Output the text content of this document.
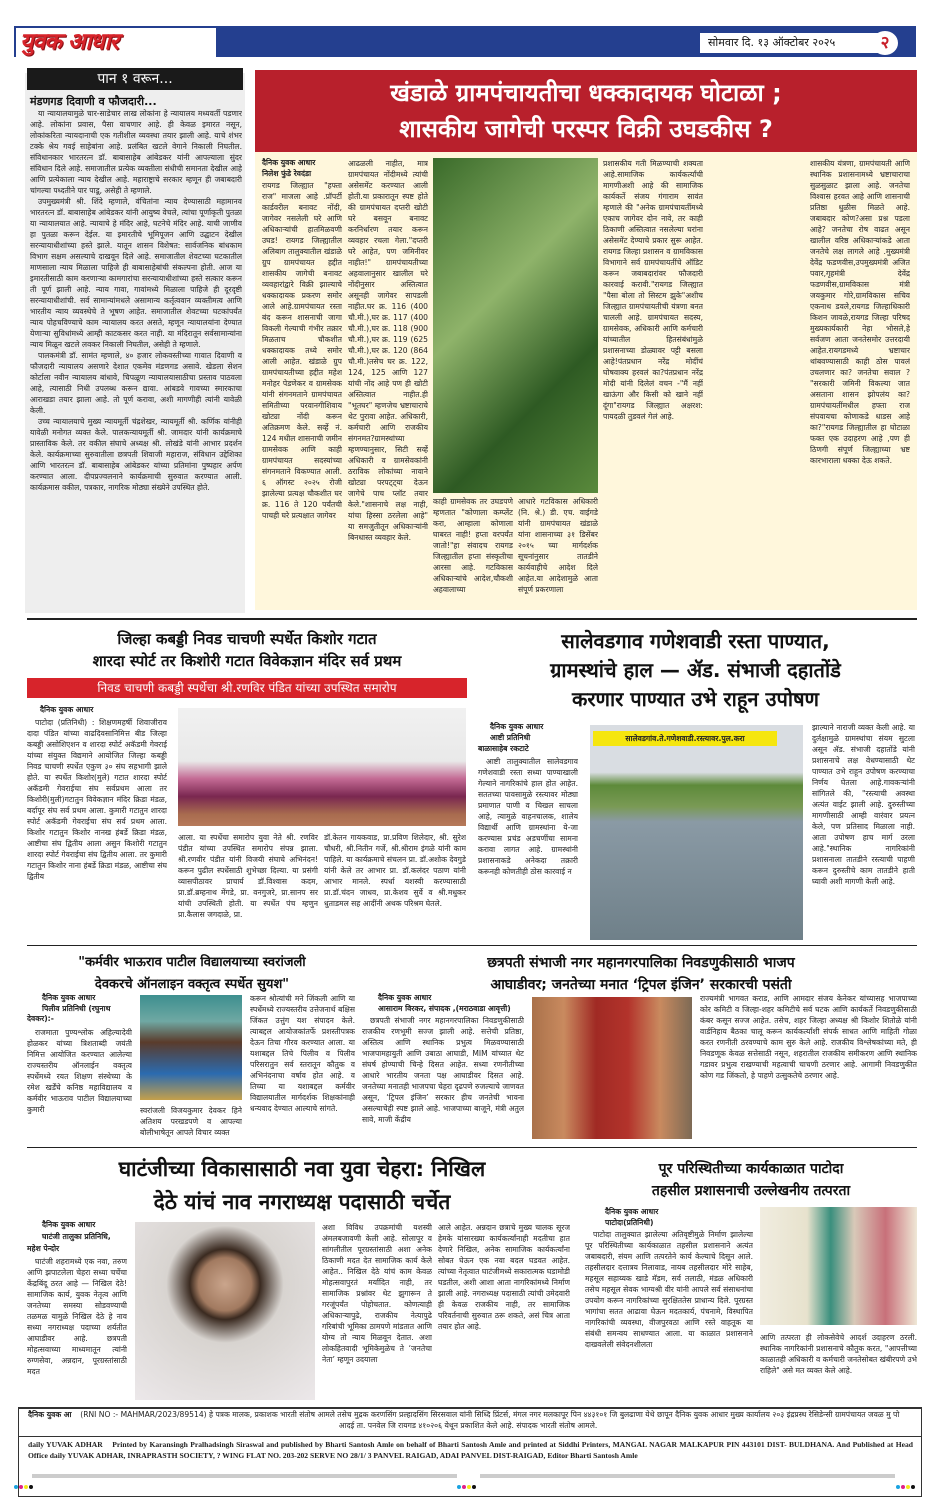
युवक आधार	सोमवार दि. १३ ऑक्टोबर २०२५	२
पान १ वरून...
मंडणगड दिवाणी व फौजदारी...

या न्यायालयामुळे चार-साडेचार लाख लोकांना हे न्यायालय मध्यवर्ती पडणार आहे. लोकांना प्रवास, पैसा वाचणार आहे. ही केवळ इमारत नसून, लोकांकरिता न्यायदानाची एक गतीशील व्यवस्था तयार झाली आहे. याचे शंभर टक्के श्रेय गवई साहेबांना आहे. प्रलंबित खटले वेगाने निकाली निघतील. संविधानकार भारतरत्न डॉ. बाबासाहेब आंबेडकर यांनी आपल्याला सुंदर संविधान दिले आहे. समाजातील प्रत्येक व्यक्तीला संधीची समानता देखील आहे आणि प्रत्येकाला न्याय देखील आहे. महाराष्ट्राचे सरकार म्हणून ही जबाबदारी चांगल्या पध्दतीने पार पाडू, असेही ते म्हणाले.

उपमुख्यमंत्री श्री. शिंदे म्हणाले, वंचितांना न्याय देण्यासाठी महामानव भारतरत्न डॉ. बाबासाहेब आंबेडकर यांनी आयुष्य वेचले, त्यांचा पूर्णाकृती पुतळा या न्यायालयात आहे. न्यायाचे हे मंदिर आहे, घटनेचे मंदिर आहे. याची जाणीव हा पुतळा करून देईल. या इमारतीचे भूमिपूजन आणि उद्घाटन देखील सरन्यायाधीशांच्या हस्ते झाले. यातून शासन विशेषत: सार्वजनिक बांधकाम विभाग सक्षम असल्याचे दाखवून दिले आहे. समाजातील शेवटच्या घटकातील माणसाला न्याय मिळाला पाहिजे ही बाबासाहेबांची संकल्पना होती. आज या इमारतीसाठी काम करणाऱ्या कामगारांचा सरन्यायाधीशांच्या हस्ते सत्कार करून ती पूर्ण झाली आहे. न्याय गावा, गावांमध्ये मिळाला पाहिजे ही दूरदृष्टी सरन्यायाधीशांची. सर्व सामान्यांमधले असामान्य कर्तृत्ववान व्यक्तीमत्व आणि भारतीय न्याय व्यवस्थेचे ते भूषण आहेत. समाजातील शेवटच्या घटकांपर्यंत न्याय पोहचविण्याचे काम न्यायालय करत असते, म्हणून न्यायालयांना देण्यात येणाऱ्या सुविधांमध्ये आम्ही काटकसर करत नाही. या मंदिरातून सर्वसामान्यांना न्याय मिळून खटले लवकर निकाली निघतील, असेही ते म्हणाले.

पालकमंत्री डॉ. सामंत म्हणाले, ४० हजार लोकवस्तीच्या गावात दिवाणी व फौजदारी न्यायालय असणारे देशात एकमेव मंडणगड असावे. खेडला सेशन कोर्टाला नवीन न्यायालय बांधावे, चिपळूण न्यायालयासाठीचा प्रस्ताव पाठवला आहे, त्यासाठी निधी उपलब्ध करून द्यावा. आंबडवे गावच्या स्मारकाचा आराखडा तयार झाला आहे. तो पूर्ण करावा, अशी मागणीही त्यांनी यावेळी केली.

उच्च न्यायालयाचे मुख्य न्यायमूर्ती चंद्रशेखर, न्यायमूर्ती श्री. कर्णिक यांनीही यावेळी मनोगत व्यक्त केले. पालकन्यायमूर्ती श्री. जामदार यांनी कार्यक्रमाचे प्रास्ताविक केले. तर वकील संघाचे अध्यक्ष श्री. लोखंडे यांनी आभार प्रदर्शन केले. कार्यक्रमाच्या सुरुवातीला छत्रपती शिवाजी महाराज, संविधान उद्देशिका आणि भारतरत्न डॉ. बाबासाहेब आंबेडकर यांच्या प्रतिमांना पुष्पहार अर्पण करण्यात आला. दीपप्रज्वलनाने कार्यक्रमाची सुरुवात करण्यात आली. कार्यक्रमास वकील, पत्रकार, नागरिक मोठ्या संख्येने उपस्थित होते.

खंडाळे ग्रामपंचायतीचा धक्कादायक घोटाळा ;
शासकीय जागेची परस्पर विक्री उघडकीस ?
दैनिक युवक आधार
निलेश फुंडे रेवदंडा
रायगड जिल्ह्यात "हफ्ता राज" माजला आहे .प्रॉपर्टी कार्डवरील बनावट नोंदी, जागेवर नसलेली घरे आणि अधिकाऱ्यांची हातमिळवणी उघड! रायगड जिल्ह्यातील अलिबाग तालुक्यातील खंडाळे ग्रुप ग्रामपंचायत हद्दीत शासकीय जागेची बनावट व्यवहारांद्वारे विक्री झाल्याचे धक्कादायक प्रकरण समोर आले आहे.ग्रामपंचायत रस्ता बंद करून शासनाची जागा विकली गेल्याची गंभीर तक्रार मिळताच चौकशीत धक्कादायक तथ्ये समोर आली आहेत. खंडाळे ग्रुप ग्रामपंचायतीच्या हद्दीत महेश मनोहर पेडणेकर व ग्रामसेवक यांनी संगनमताने ग्रामपंचायत समितीच्या परवानगीशिवाय खोट्या नोंदी करून अतिक्रमण केले. सर्व्हे नं. 124 मधील शासनाची जमीन ग्रामसेवक आणि काही ग्रामपंचायत सदस्यांच्या संगनमताने विकण्यात आली. ६ ऑगस्ट २०२५ रोजी झालेल्या प्रत्यक्ष चौकशीत घर क्र. 116 ते 120 पर्यंतची पाचही घरे प्रत्यक्षात जागेवर
आढळली नाहीत, मात्र ग्रामपंचायत नोंदीमध्ये त्यांची असेसमेंट करण्यात आली होती.या प्रकारातून स्पष्ट होते की ग्रामपंचायत दप्तरी खोटी घरे बसवून बनावट करनिर्धारण तयार करून व्यवहार रचला गेला."दप्तरी घरे आहेत, पण जमिनीवर नाहीत!" ग्रामपंचायतीच्या अहवालानुसार खालील घरे नोंदीनुसार अस्तित्वात असूनही जागेवर सापडली नाहीत.घर क्र. 116 (400 चौ.मी.),घर क्र. 117 (400 चौ.मी.),घर क्र. 118 (900 चौ.मी.),घर क्र. 119 (625 चौ.मी.),घर क्र. 120 (864 चौ.मी.)तसेच घर क्र. 122, 124, 125 आणि 127 यांची नोंद आहे पण ही खोटी अस्तित्वात नाहीत.ही "भूतघर" म्हणजेच भ्रष्टाचाराचे थेट पुरावा आहेत. अधिकारी, कर्मचारी आणि राजकीय संगनमत?ग्रामस्थांच्या म्हणण्यानुसार, सिटी सर्व्हे अधिकारी व ग्रामसेवकांनी ठराविक लोकांच्या नावाने खोट्या परपट्ट्या देऊन जागेचे पाच प्लॉट तयार केले."शासनाचे लक्ष नाही, यांचा हिस्सा ठरलेला आहे" या समजुतीतून अधिकाऱ्यांनी बिनधास्त व्यवहार केले.
काही ग्रामसेवक तर उघडपणे म्हणतात "कोणाला कम्प्लेंट करा, आम्हाला कोणाला घाबरत नाही! हप्ता वरपर्यंत जातो!"हा संवादच रायगड जिल्ह्यातील हप्ता संस्कृतीचा आरसा आहे. गटविकास अधिकाऱ्यांचे आदेश,चौकशी अहवालाच्या
आधारे गटविकास अधिकारी (नि. श्रे.) डी. एच. वाईगडे यांनी ग्रामपंचायत खंडाळे यांना शासनाच्या ३१ डिसेंबर २०१५ च्या मार्गदर्शक सूचनांनुसार तातडीने कार्यवाहीचे आदेश दिले आहेत.या आदेशामुळे आता संपूर्ण प्रकरणाला
प्रशासकीय गती मिळण्याची शक्यता आहे.सामाजिक कार्यकर्त्यांची मागणीअशी आहे की सामाजिक कार्यकर्ते संजय गंगाराम सावंत म्हणाले की "अनेक ग्रामपंचायतींमध्ये एकाच जागेवर दोन नावे, तर काही ठिकाणी अस्तित्वात नसलेल्या घरांना असेसमेंट देण्याचे प्रकार सुरू आहेत. रायगड जिल्हा प्रशासन व ग्रामविकास विभागाने सर्व ग्रामपंचायतींचे ऑडिट करून जबाबदारांवर फौजदारी कारवाई करावी."रायगड जिल्ह्यात "पैसा बोला तो सिस्टम झुके"अशीच जिल्ह्यात ग्रामपंचायतीची यंत्रणा बनत चालली आहे. ग्रामपंचायत सदस्य, ग्रामसेवक, अधिकारी आणि कर्मचारी यांच्यातील हितसंबंधांमुळे प्रशासनाच्या डोळ्यावर पट्टी बसला आहे!पंतप्रधान नरेंद्र मोदींचं घोषवाक्य हरवलं का?पंतप्रधान नरेंद्र मोदी यांनी दिलेलं वचन -"मैं नहीं खाऊंगा और किसी को खाने नहीं दूंगा"रायगड जिल्ह्यात अक्षरश: पायदळी तुडवलं गेलं आहे.
शासकीय यंत्रणा, ग्रामपंचायती आणि स्थानिक प्रशासनामध्ये भ्रष्टाचाराचा सुळसुळाट झाला आहे. जनतेचा विश्वास हरवत आहे आणि शासनाची प्रतिष्ठा धुळीस मिळते आहे. जबाबदार कोण?असा प्रश्न पडला आहे? जनतेचा रोष वाढत असून खालील वरिष्ठ अधिकाऱ्यांकडे आता जनतेचे लक्ष लागले आहे .मुख्यमंत्री देवेंद्र फडणवीस,उपमुख्यमंत्री अजित पवार,गृहमंत्री देवेंद्र फडणवीस,ग्रामविकास मंत्री जयकुमार गोरे,ग्रामविकास सचिव एकनाथ डवले,रायगड जिल्हाधिकारी किशन जावळे,रायगड जिल्हा परिषद मुख्यकार्यकारी नेहा भोसले,हे सर्वजण आता जनतेसमोर उत्तरदायी आहेत.रायगडमध्ये भ्रष्टाचार थांबवण्यासाठी काही ठोस पावलं उचलणार का? जनतेचा सवाल ? "सरकारी जमिनी विकल्या जात असताना शासन झोपलंय का?ग्रामपंचायतींमधील हफ्ता राज संपवायचा कोणाकडे धाडस आहे का?"रायगड जिल्ह्यातील हा घोटाळा फक्त एक उदाहरण आहे ,पण ही ठिणगी संपूर्ण जिल्ह्याच्या भ्रष्ट कारभाराला धक्का देऊ शकते.
जिल्हा कबड्डी निवड चाचणी स्पर्धेत किशोर गटात
शारदा स्पोर्ट तर किशोरी गटात विवेकज्ञान मंदिर सर्व प्रथम
निवड चाचणी कबड्डी स्पर्धेचा श्री.रणविर पंडित यांच्या उपस्थित समारोप
दैनिक युवक आधार
पाटोदा (प्रतिनिधी) : शिक्षणमहर्षी शिवाजीराव दादा पंडित यांच्या वाढदिवसानिमित्त बीड जिल्हा कबड्डी असोशिएशन व शारदा स्पोर्ट अकॅडमी गेवराई यांच्या संयुक्त विद्यमाने आयोजित जिल्हा कबड्डी निवड चाचणी स्पर्धेत एकुण ३० संघ सहभागी झाले होते. या स्पर्धेत किशोर(मुले) गटात शारदा स्पोर्ट अकॅडमी गेवराईचा संघ सर्वप्रथम आला तर किशोरी(मुली)गटातुन विवेकज्ञान मंदिर क्रिडा मंडळ, बर्दापूर संघ सर्व प्रथम आला. कुमारी गटातुन शारदा स्पोर्ट अकॅडमी गेवराईचा संघ सर्व प्रथम आला. किशोर गटातुन किशोर नानख हंबर्डे क्रिडा मंडळ, आष्टीचा संघ द्वितीय आला असुन किशोरी गटातुन शारदा स्पोर्ट गेवराईचा संघ द्वितीय आला. तर कुमारी गटातुन किशोर नाना हंबर्डे क्रिडा मंडळ, आष्टीचा संघ द्वितीय
आला. या स्पर्धेचा समारोप युवा नेते श्री. रणविर पंडीत यांच्या उपस्थित समारोप संपन्न झाला. श्री.रणवीर पंडीत यांनी विजयी संघाचे अभिनंदन! करून पुढील स्पर्धेसाठी शुभेच्छा दिल्या. या प्रसंगी व्यासपीठावर प्राचार्य डॉ.विश्वास कदम, प्रा.डॉ.ब्रम्हनाथ मेंगडे, प्रा. वनगुजरे, प्रा.सानप सर यांची उपस्थिती होती. या स्पर्धेत पंच म्हणुन प्रा.कैलास जगदाळे, प्रा.
डॉ.केतन गायकवाड, प्रा.प्रविण शिलेदार, श्री. सुरेश चौधरी, श्री.नितीन गर्जे, श्री.श्रीराम इंगळे यांनी काम पाहिले. या कार्यक्रमाचे संचलन प्रा. डॉ.अशोक देवगुडे यांनी केले तर आभार प्रा. डॉ.कलंदर पठाण यांनी आभार मानले. स्पर्धा यशस्वी करण्यासाठी प्रा.डॉ.चंदन जाधव, प्रा.केशव सुर्वे व श्री.मधुकर धुताडमल सह आदींनी अथक परिश्रम घेतले.
सालेवडगाव गणेशवाडी रस्ता पाण्यात,
ग्रामस्थांचे हाल — ॲड. संभाजी दहातोंडे
करणार पाण्यात उभे राहून उपोषण
दैनिक युवक आधार
आष्टी प्रतिनिधी
बाळासाहेब रकटाटे
आष्टी तालुक्यातील सालेवडगाव गणेशवाडी रस्ता सध्या पाण्याखाली गेल्याने नागरिकांचे हाल होत आहेत. सततच्या पावसामुळे रस्त्यावर मोठ्या प्रमाणात पाणी व चिखल साचला आहे, त्यामुळे वाहनचालक, शालेय विद्यार्थी आणि ग्रामस्थांना ये-जा करण्यास प्रचंड अडचणींचा सामना करावा लागत आहे. ग्रामस्थांनी प्रशासनाकडे अनेकदा तक्रारी करूनही कोणतीही ठोस कारवाई न
सालेवडगांव.ते.गणेशवाडी.रस्त्यावर.पुल.करा
झाल्याने नाराजी व्यक्त केली आहे. या दुर्लक्षामुळे ग्रामस्थांचा संयम सुटला असून ॲड. संभाजी दहातोंडे यांनी प्रशासनाचे लक्ष वेधण्यासाठी थेट पाण्यात उभे राहून उपोषण करण्याचा निर्णय घेतला आहे.गावकऱ्यांनी सांगितले की, "रस्त्याची अवस्था अत्यंत वाईट झाली आहे. दुरुस्तीच्या मागणीसाठी आम्ही वारंवार प्रयत्न केले, पण प्रतिसाद मिळाला नाही. आता उपोषण हाच मार्ग उरला आहे."स्थानिक नागरिकांनी प्रशासनाला तातडीने रस्त्याची पाहणी करून दुरुस्तीचे काम तातडीने हाती घ्यावी अशी मागणी केली आहे.
"कर्मवीर भाऊराव पाटील विद्यालयाच्या स्वरांजली
देवकरचे ऑनलाइन वक्तृत्व स्पर्धेत सुयश"
दैनिक युवक आधार
पिलीव प्रतिनिधी (रघुनाथ देवकर):-
राजमाता पुण्यश्लोक अहिल्यादेवी होळकर यांच्या त्रिशताब्दी जयंती निमित्त आयोजित करण्यात आलेल्या राज्यस्तरीय ऑनलाईन वक्तृत्व स्पर्धेमध्ये रयत शिक्षण संस्थेच्या के रमेश खर्डेंचे कनिष्ठ महाविद्यालय व कर्मवीर भाऊराव पाटील विद्यालयाच्या कुमारी	स्वरांजली विजयकुमार देवकर हिने अतिशय परखडपणे व आपल्या बोलीभाषेतून आपले विचार व्यक्त
करून श्रोत्यांची मने जिंकली आणि या स्पर्धेमध्ये राज्यस्तरीय उत्तेजनार्थ बक्षिस जिंकत उत्तुंग यश संपादन केले. त्याबद्दल आयोजकांतर्फे प्रशस्तीपत्रक देऊन तिचा गौरव करण्यात आला. या यशाबद्दल तिचे पिलीव व पिलीव परिसरातुन सर्व स्तरातून कौतुक व अभिनंदनाचा वर्षाव होत आहे. व तिच्या या यशाबद्दल कर्मवीर विद्यालयातील मार्गदर्शक शिक्षकांनाही धन्यवाद देण्यात आल्याचे सांगते.
छत्रपती संभाजी नगर महानगरपालिका निवडणुकीसाठी भाजप
आघाडीवर; जनतेच्या मनात ‘ट्रिपल इंजिन’ सरकारची पसंती
दैनिक युवक आधार
आसाराम विरकर, संपादक ,(मराठवाडा आवृत्ती)
छत्रपती संभाजी नगर महानगरपालिका निवडणुकीसाठी राजकीय रणभूमी सज्ज झाली आहे. सत्तेची प्रतिष्ठा, अस्तित्व आणि स्थानिक प्रभुत्व मिळवण्यासाठी भाजपामहायुती आणि उबाठा आघाडी, MIM यांच्यात थेट संघर्ष होण्याची चिन्हे दिसत आहेत. सध्या रणनीतीच्या आधारे भारतीय जनता पक्ष आघाडीवर दिसत आहे. जनतेच्या मनातही भाजपचा चेहरा दृढपणे रुजल्याचे जाणवत असून, ‘ट्रिपल इंजिन’ सरकार हीच जनतेची भावना असल्याचेही स्पष्ट झाले आहे. भाजपाच्या बाजूने, मंत्री अतुल सावे, माजी केंद्रीय
राज्यमंत्री भागवत कराड, आणि आमदार संजय केनेकर यांच्यासह भाजपाच्या कोर कमिटी व जिल्हा-शहर कमिटीचे सर्व घटक आणि कार्यकर्ते निवडणुकीसाठी कंबर कसून सज्ज आहेत. तसेच, शहर जिल्हा अध्यक्ष श्री किशोर शितोळे यांनी वार्डनिहाय बैठका चालू करून कार्यकर्त्यांशी संपर्क साधत आणि माहिती गोळा करत रणनीती ठरवण्याचे काम सुरु केले आहे. राजकीय विश्लेषकांच्या मते, ही निवडणूक केवळ सत्तेसाठी नसून, शहरातील राजकीय समीकरण आणि स्थानिक गडावर प्रभुत्व राखण्याची महत्वाची चाचणी ठरणार आहे. आगामी निवडणुकीत कोण गड जिंकतो, हे पाहणे उत्सुकतेचे ठरणार आहे.
घाटंजीच्या विकासासाठी नवा युवा चेहरा: निखिल
देठे यांचं नाव नगराध्यक्ष पदासाठी चर्चेत
दैनिक युवक आधार
घाटंजी तालुका प्रतिनिधि,
महेश पेन्दोर
घाटंजी शहरामध्ये एक नवा, तरुण आणि झपाटलेला चेहरा सध्या चर्चेचा केंद्रबिंदू ठरत आहे — निखिल देठे! सामाजिक कार्य, युवक नेतृत्व आणि जनतेच्या समस्या सोडवण्याची तळमळ यामुळे निखिल देठे हे नाव सध्या नगराध्यक्ष पदाच्या शर्यतीत आघाडीवर आहे. छत्रपती मोहत्सवाच्या माध्यमातून त्यांनी रुग्णसेवा, अन्नदान, पूरग्रस्तांसाठी मदत
अशा विविध उपक्रमांची यशस्वी अंमलबजावणी केली आहे. सोलापूर व सांगलीतील पूरग्रस्तांसाठी अशा अनेक ठिकाणी मदत देत सामाजिक कार्य केले आहेत.. निखिल देठे यांचं काम केवळ मोहत्सवापुरतं मर्यादित नाही, तर सामाजिक प्रश्नांवर थेट झुगारून ते गरजूंपर्यंत पोहोचतात. कोणत्याही अधिकाऱ्यापुढे, राजकीय नेत्यापुढे गरिबांची भूमिका ठामपणे मांडतात आणि योग्य तो न्याय मिळवून देतात. अशा लोकहितवादी भूमिकेमुळेच ते ‘जनतेचा नेता’ म्हणून उदयाला
आले आहेत. अन्नदान छत्राचे मुख्य चालक सूरज हेमके यांसारख्या कार्यकर्त्यांनाही मदतीचा हात देणारे निखिल, अनेक सामाजिक कार्यकर्त्यांना सोबत घेऊन एक नवा बदल घडवत आहेत. त्यांच्या नेतृत्वात घाटंजीमध्ये सकारात्मक घडामोडी घडतील, अशी आशा आता नागरिकांमध्ये निर्माण झाली आहे. नगराध्यक्ष पदासाठी त्यांची उमेदवारी ही केवळ राजकीय नाही, तर सामाजिक परिवर्तनाची सुरुवात ठरू शकते, असं चित्र आता तयार होत आहे.
पूर परिस्थितीच्या कार्यकाळात पाटोदा
तहसील प्रशासनाची उल्लेखनीय तत्परता
दैनिक युवक आधार
पाटोदा(प्रतिनिधी)
पाटोदा तालुक्यात झालेल्या अतिवृष्टीमुळे निर्माण झालेल्या पूर परिस्थितीच्या कार्यकाळात तहसील प्रशासनाने अत्यंत जबाबदारी, संयम आणि तत्परतेने कार्य केल्याचे दिसून आले. तहसीलदार दत्तात्रय निलावाड, नायब तहसीलदार मोरे साहेब, महसूल सहाय्यक खाडे मॅडम, सर्व तलाठी, मंडळ अधिकारी तसेच महसूल सेवक भाग्यश्री वीर यांनी आपले सर्व संसाधनांचा उपयोग करून नागरिकांच्या सुरक्षिततेस प्राधान्य दिले. पूरग्रस्त भागांचा सतत आढावा घेऊन मदतकार्य, पंचनामे, विस्थापित नागरिकांची व्यवस्था, वीजपुरवठा आणि रस्ते वाहतूक या संबंधी समन्वय साधण्यात आला. या काळात प्रशासनाने दाखवलेली संवेदनशीलता
आणि तत्परता ही लोकसेवेचे आदर्श उदाहरण ठरली. स्थानिक नागरिकांनी प्रशासनाचे कौतुक करत, "आपत्तीच्या काळातही अधिकारी व कर्मचारी जनतेसोबत खंबीरपणे उभे राहिले" असे मत व्यक्त केले आहे.
दैनिक युवक आ (RNI NO :- MAHMAR/2023/89514) हे पत्रक मालक, प्रकाशक भारती संतोष आमले तसेच मुद्रक करणसिंग प्रल्हादसिंग सिरसवाल यांनी सिध्दि प्रिंटर्स, मंगल नगर मलकापूर पिन ४४३१०१ जि बुलढाणा येथे छापून दैनिक युवक आधार मुख्य कार्यालय २०३ इंद्रप्रस्थ रेसिडेन्सी ग्रामपंचायत जवळ मु पो आदई ता. पनवेल जि रायगड ४१०२०६ येथून प्रकाशित केले आहे. संपादक भारती संतोष आमले.
daily YUVAK ADHAR Printed by Karansingh Pralhadsingh Siraswal and published by Bharti Santosh Amle on behalf of Bharti Santosh Amle and printed at Siddhi Printers, MANGAL NAGAR MALKAPUR PIN 443101 DIST- BULDHANA. And Published at Head Office daily YUVAK ADHAR, INRAPRASTH SOCIETY, ? WING FLAT NO. 203-202 SERVE NO 28/1/ 3 PANVEL RAIGAD, ADAI PANVEL DIST-RAIGAD, Editor Bharti Santosh Amle
